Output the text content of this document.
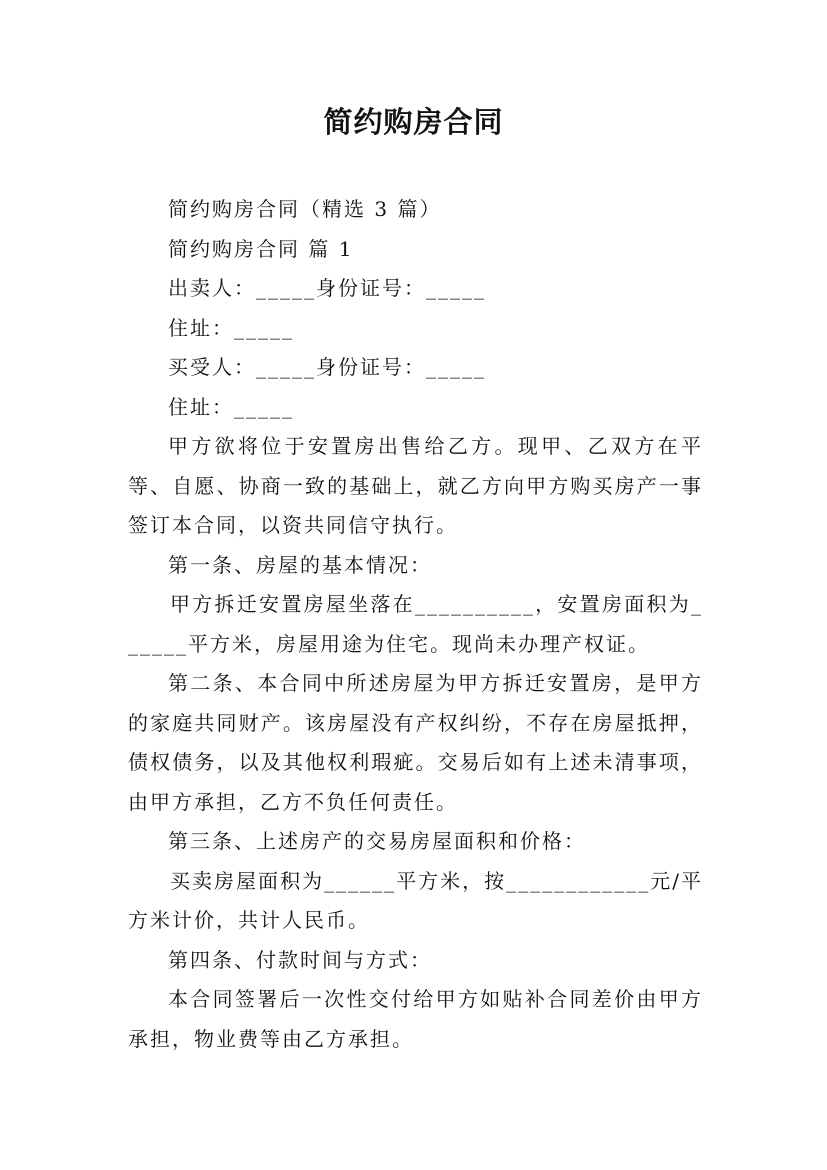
简约购房合同

简约购房合同（精选 3 篇）

简约购房合同 篇 1

出卖人：_____身份证号：_____

住址：_____

买受人：_____身份证号：_____

住址：_____

甲方欲将位于安置房出售给乙方。现甲、乙双方在平等、自愿、协商一致的基础上，就乙方向甲方购买房产一事签订本合同，以资共同信守执行。

第一条、房屋的基本情况：

甲方拆迁安置房屋坐落在__________，安置房面积为______平方米，房屋用途为住宅。现尚未办理产权证。

第二条、本合同中所述房屋为甲方拆迁安置房，是甲方的家庭共同财产。该房屋没有产权纠纷，不存在房屋抵押，债权债务，以及其他权利瑕疵。交易后如有上述未清事项，由甲方承担，乙方不负任何责任。

第三条、上述房产的交易房屋面积和价格：

买卖房屋面积为______平方米，按____________元/平方米计价，共计人民币。

第四条、付款时间与方式：

本合同签署后一次性交付给甲方如贴补合同差价由甲方承担，物业费等由乙方承担。
